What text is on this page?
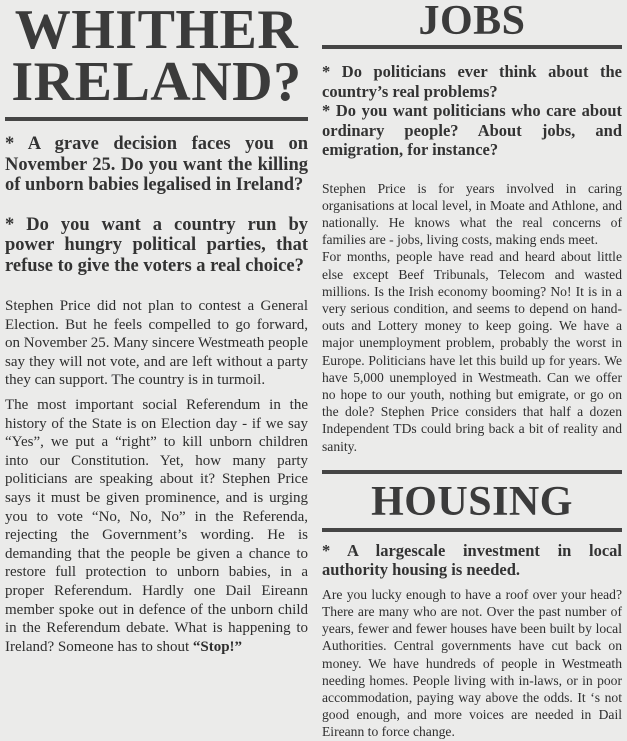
WHITHER
IRELAND?

* A grave decision faces you on November 25. Do you want the killing of unborn babies legalised in Ireland?

* Do you want a country run by power hungry political parties, that refuse to give the voters a real choice?

Stephen Price did not plan to contest a General Election. But he feels compelled to go forward, on November 25. Many sincere Westmeath people say they will not vote, and are left without a party they can support. The country is in turmoil.

The most important social Referendum in the history of the State is on Election day - if we say “Yes”, we put a “right” to kill unborn children into our Constitution. Yet, how many party politicians are speaking about it? Stephen Price says it must be given prominence, and is urging you to vote “No, No, No” in the Referenda, rejecting the Government’s wording. He is demanding that the people be given a chance to restore full protection to unborn babies, in a proper Referendum. Hardly one Dail Eireann member spoke out in defence of the unborn child in the Referendum debate. What is happening to Ireland? Someone has to shout “Stop!”

JOBS

* Do politicians ever think about the country’s real problems?

* Do you want politicians who care about ordinary people? About jobs, and emigration, for instance?

Stephen Price is for years involved in caring organisations at local level, in Moate and Athlone, and nationally. He knows what the real concerns of families are - jobs, living costs, making ends meet.

For months, people have read and heard about little else except Beef Tribunals, Telecom and wasted millions. Is the Irish economy booming? No! It is in a very serious condition, and seems to depend on hand-outs and Lottery money to keep going. We have a major unemployment problem, probably the worst in Europe. Politicians have let this build up for years. We have 5,000 unemployed in Westmeath. Can we offer no hope to our youth, nothing but emigrate, or go on the dole? Stephen Price considers that half a dozen Independent TDs could bring back a bit of reality and sanity.

HOUSING

* A largescale investment in local authority housing is needed.

Are you lucky enough to have a roof over your head? There are many who are not. Over the past number of years, fewer and fewer houses have been built by local Authorities. Central governments have cut back on money. We have hundreds of people in Westmeath needing homes. People living with in-laws, or in poor accommodation, paying way above the odds. It ‘s not good enough, and more voices are needed in Dail Eireann to force change.
